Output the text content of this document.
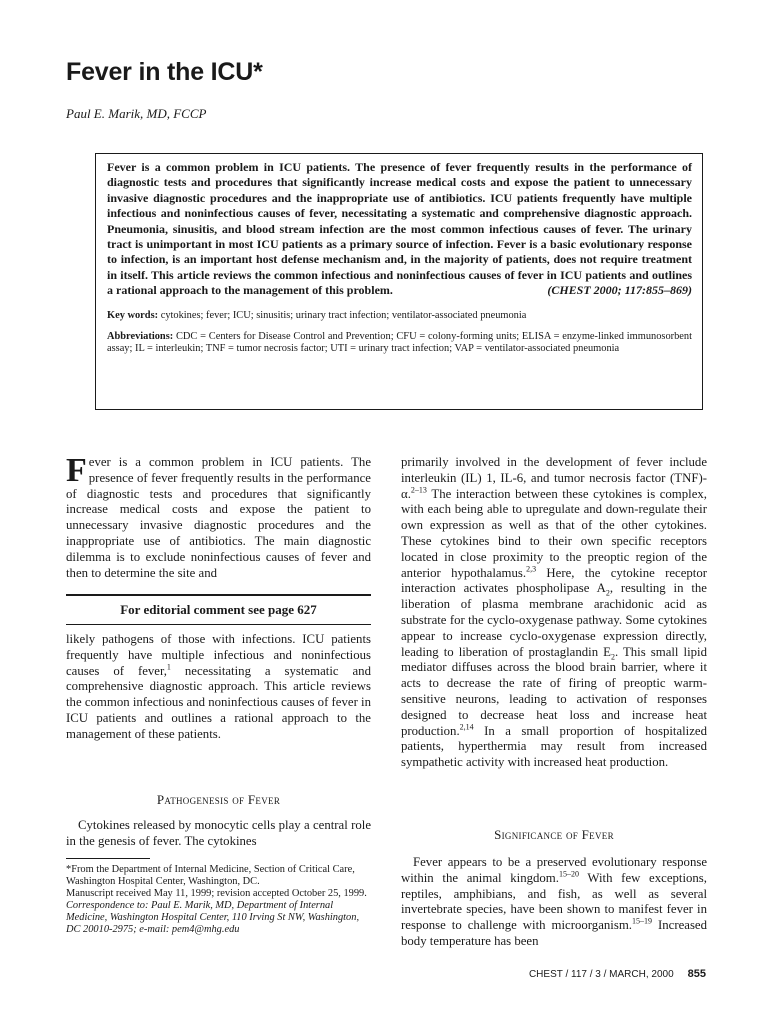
Fever in the ICU*
Paul E. Marik, MD, FCCP

Fever is a common problem in ICU patients. The presence of fever frequently results in the performance of diagnostic tests and procedures that significantly increase medical costs and expose the patient to unnecessary invasive diagnostic procedures and the inappropriate use of antibiotics. ICU patients frequently have multiple infectious and noninfectious causes of fever, necessitating a systematic and comprehensive diagnostic approach. Pneumonia, sinusitis, and blood stream infection are the most common infectious causes of fever. The urinary tract is unimportant in most ICU patients as a primary source of infection. Fever is a basic evolutionary response to infection, is an important host defense mechanism and, in the majority of patients, does not require treatment in itself. This article reviews the common infectious and noninfectious causes of fever in ICU patients and outlines a rational approach to the management of this problem.	(CHEST 2000; 117:855–869)

Key words: cytokines; fever; ICU; sinusitis; urinary tract infection; ventilator-associated pneumonia

Abbreviations: CDC = Centers for Disease Control and Prevention; CFU = colony-forming units; ELISA = enzyme-linked immunosorbent assay; IL = interleukin; TNF = tumor necrosis factor; UTI = urinary tract infection; VAP = ventilator-associated pneumonia

Fever is a common problem in ICU patients. The presence of fever frequently results in the performance of diagnostic tests and procedures that significantly increase medical costs and expose the patient to unnecessary invasive diagnostic procedures and the inappropriate use of antibiotics. The main diagnostic dilemma is to exclude noninfectious causes of fever and then to determine the site and

For editorial comment see page 627
likely pathogens of those with infections. ICU patients frequently have multiple infectious and noninfectious causes of fever,$^1$ necessitating a systematic and comprehensive diagnostic approach. This article reviews the common infectious and noninfectious causes of fever in ICU patients and outlines a rational approach to the management of these patients.
Pathogenesis of Fever
Cytokines released by monocytic cells play a central role in the genesis of fever. The cytokines

*From the Department of Internal Medicine, Section of Critical Care, Washington Hospital Center, Washington, DC.

Manuscript received May 11, 1999; revision accepted October 25, 1999.

Correspondence to: Paul E. Marik, MD, Department of Internal Medicine, Washington Hospital Center, 110 Irving St NW, Washington, DC 20010-2975; e-mail: pem4@mhg.edu

primarily involved in the development of fever include interleukin (IL) 1, IL-6, and tumor necrosis factor (TNF)-α.$^{2-13}$ The interaction between these cytokines is complex, with each being able to upregulate and down-regulate their own expression as well as that of the other cytokines. These cytokines bind to their own specific receptors located in close proximity to the preoptic region of the anterior hypothalamus.$^{2,3}$ Here, the cytokine receptor interaction activates phospholipase $A_2$, resulting in the liberation of plasma membrane arachidonic acid as substrate for the cyclo-oxygenase pathway. Some cytokines appear to increase cyclo-oxygenase expression directly, leading to liberation of prostaglandin $E_2$. This small lipid mediator diffuses across the blood brain barrier, where it acts to decrease the rate of firing of preoptic warm-sensitive neurons, leading to activation of responses designed to decrease heat loss and increase heat production.$^{2,14}$ In a small proportion of hospitalized patients, hyperthermia may result from increased sympathetic activity with increased heat production.
Significance of Fever
Fever appears to be a preserved evolutionary response within the animal kingdom.$^{15-20}$ With few exceptions, reptiles, amphibians, and fish, as well as several invertebrate species, have been shown to manifest fever in response to challenge with microorganism.$^{15-19}$ Increased body temperature has been
CHEST / 117 / 3 / MARCH, 2000 855
